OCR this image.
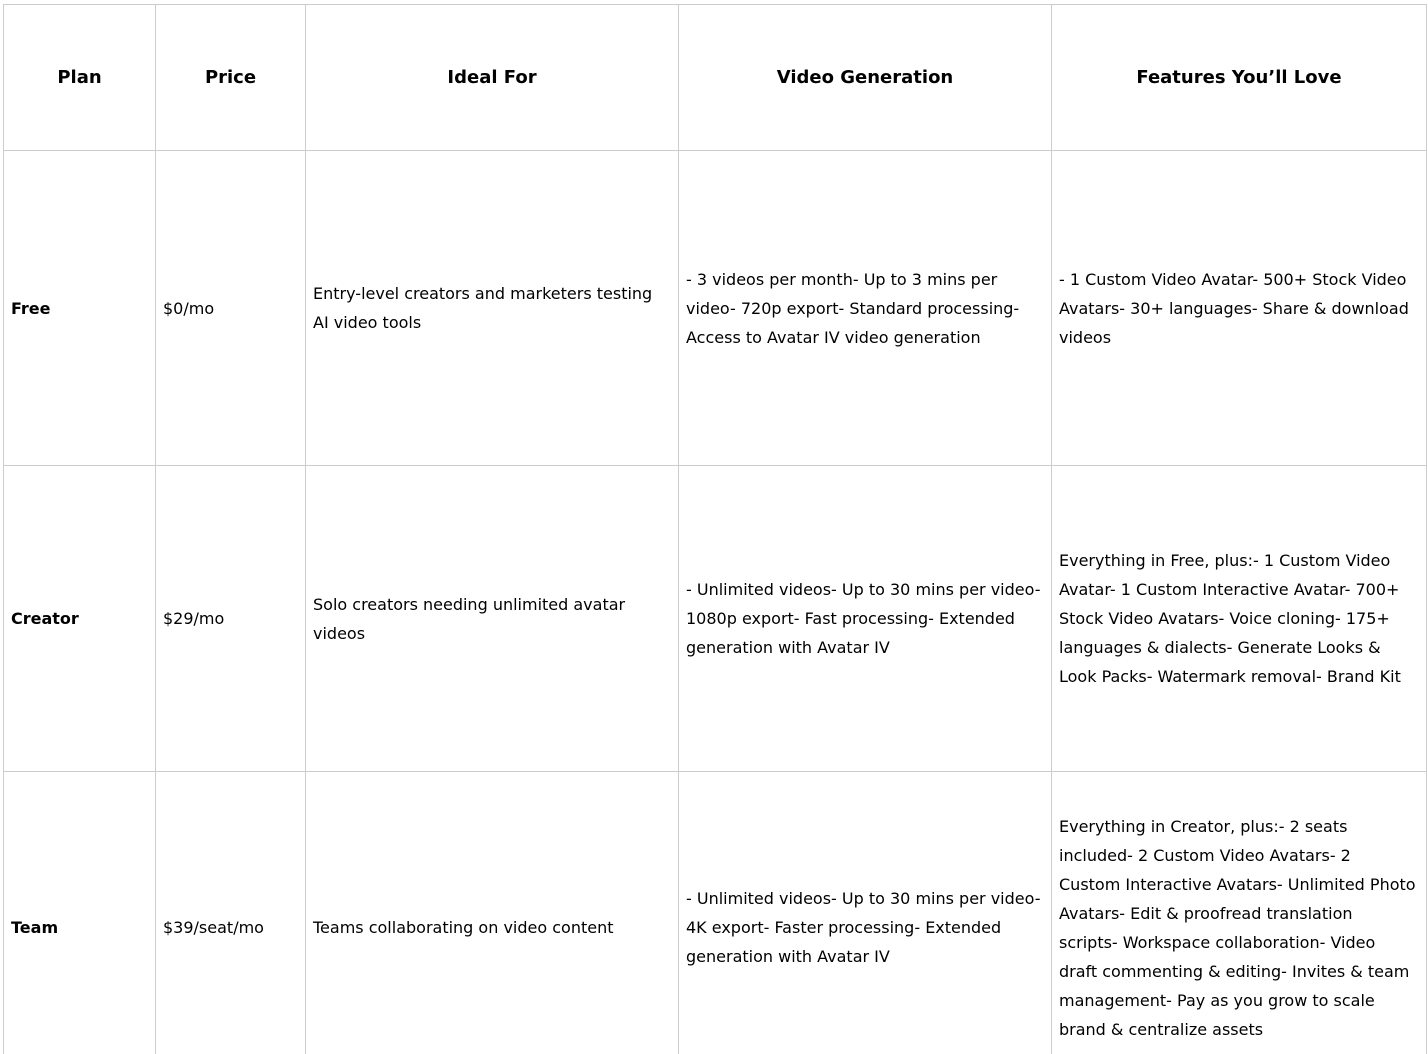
Plan	Price	Ideal For	Video Generation	Features You’ll Love
Free	$0/mo	Entry-level creators and marketers testing AI video tools	- 3 videos per month- Up to 3 mins per video- 720p export- Standard processing- Access to Avatar IV video generation	- 1 Custom Video Avatar- 500+ Stock Video Avatars- 30+ languages- Share & download videos
Creator	$29/mo	Solo creators needing unlimited avatar videos	- Unlimited videos- Up to 30 mins per video- 1080p export- Fast processing- Extended generation with Avatar IV	Everything in Free, plus:- 1 Custom Video Avatar- 1 Custom Interactive Avatar- 700+ Stock Video Avatars- Voice cloning- 175+ languages & dialects- Generate Looks & Look Packs- Watermark removal- Brand Kit
Team	$39/seat/mo	Teams collaborating on video content	- Unlimited videos- Up to 30 mins per video- 4K export- Faster processing- Extended generation with Avatar IV	Everything in Creator, plus:- 2 seats included- 2 Custom Video Avatars- 2 Custom Interactive Avatars- Unlimited Photo Avatars- Edit & proofread translation scripts- Workspace collaboration- Video draft commenting & editing- Invites & team management- Pay as you grow to scale brand & centralize assets
